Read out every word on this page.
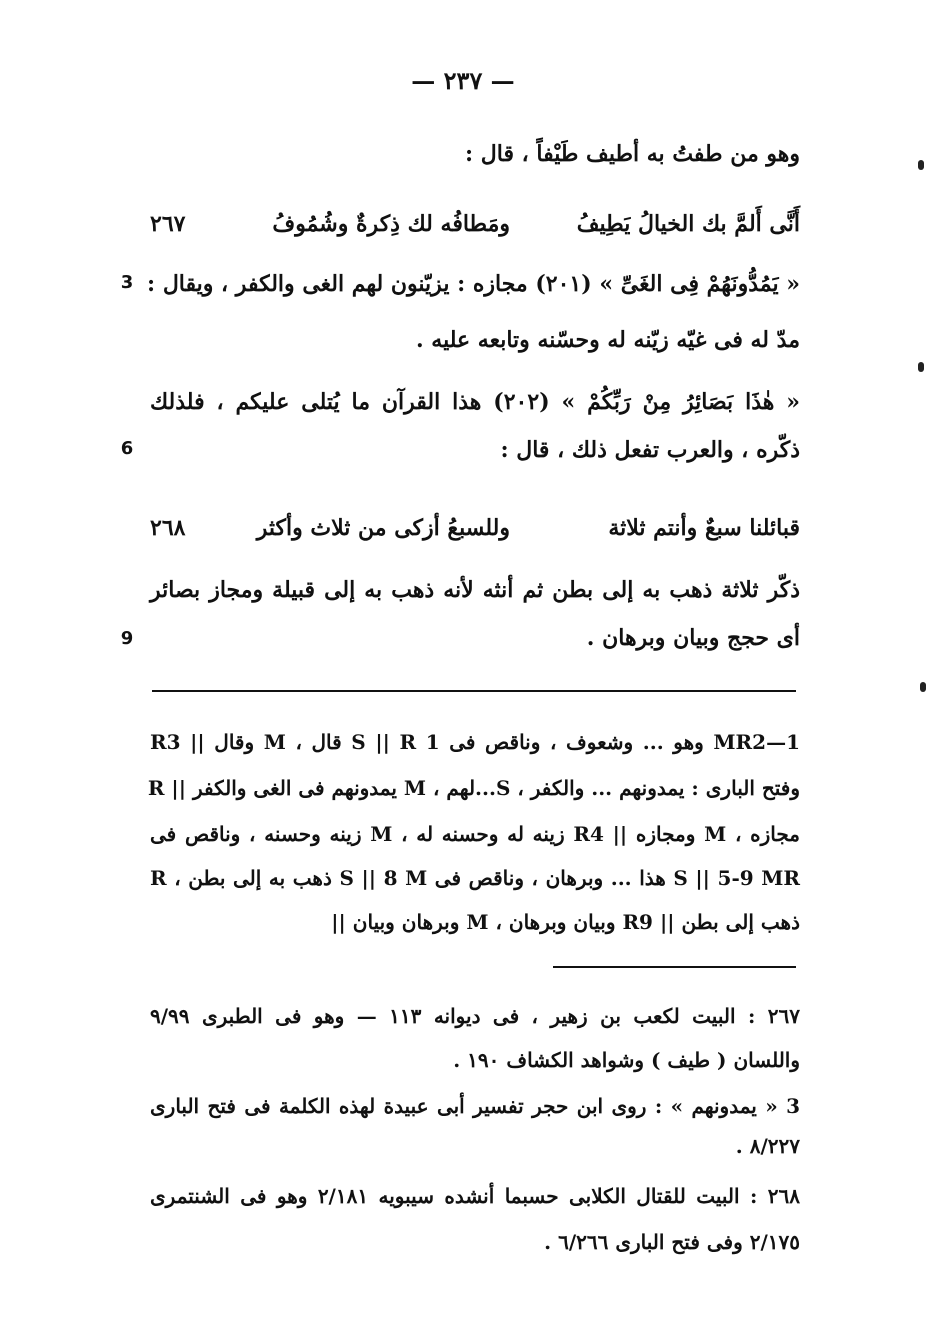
— ٢٣٧ —
وهو من طفتُ به أطيف طَيْفاً ، قال :
أَنَّى أَلمَّ بك الخيالُ يَطِيفُ
ومَطافُه لك ذِكرةٌ وشُمُوفُ
٢٦٧
« يَمُدُّونَهُمْ فِى الغَىِّ » (٢٠١) مجازه : يزيّنون لهم الغى والكفر ، ويقال :
3
مدّ له فى غيّه زيّنه له وحسّنه وتابعه عليه .
« هٰذَا بَصَائِرُ مِنْ رَبِّكُمْ » (٢٠٢) هذا القرآن ما يُتلى عليكم ، فلذلك
ذكّره ، والعرب تفعل ذلك ، قال :
6
قبائلنا سبعٌ وأنتم ثلاثة
وللسبعُ أزكى من ثلاث وأكثر
٢٦٨
ذكّر ثلاثة ذهب به إلى بطن ثم أنثه لأنه ذهب به إلى قبيلة ومجاز بصائر
أى حجج وبيان وبرهان .
9
MR2—1 وهو ... وشعوف ، وناقص فى S || R 1 قال ، M وقال || R3
وفتح البارى : يمدونهم ... والكفر ، S...لهم ، M يمدونهم فى الغى والكفر || R
مجازه ، M ومجازه || R4 زينه له وحسنه له ، M زينه وحسنه ، وناقص فى
S || 5-9 MR هذا ... وبرهان ، وناقص فى S || 8 M ذهب به إلى بطن ، R
ذهب إلى بطن || R9 وبيان وبرهان ، M وبرهان وبيان ||
٢٦٧ : البيت لكعب بن زهير ، فى ديوانه ١١٣ — وهو فى الطبرى ٩/٩٩
واللسان ( طيف ) وشواهد الكشاف ١٩٠ .
3 « يمدونهم » : روى ابن حجر تفسير أبى عبيدة لهذه الكلمة فى فتح البارى
٨/٢٢٧ .
٢٦٨ : البيت للقتال الكلابى حسبما أنشده سيبويه ٢/١٨١ وهو فى الشنتمرى
٢/١٧٥ وفى فتح البارى ٦/٢٦٦ .
